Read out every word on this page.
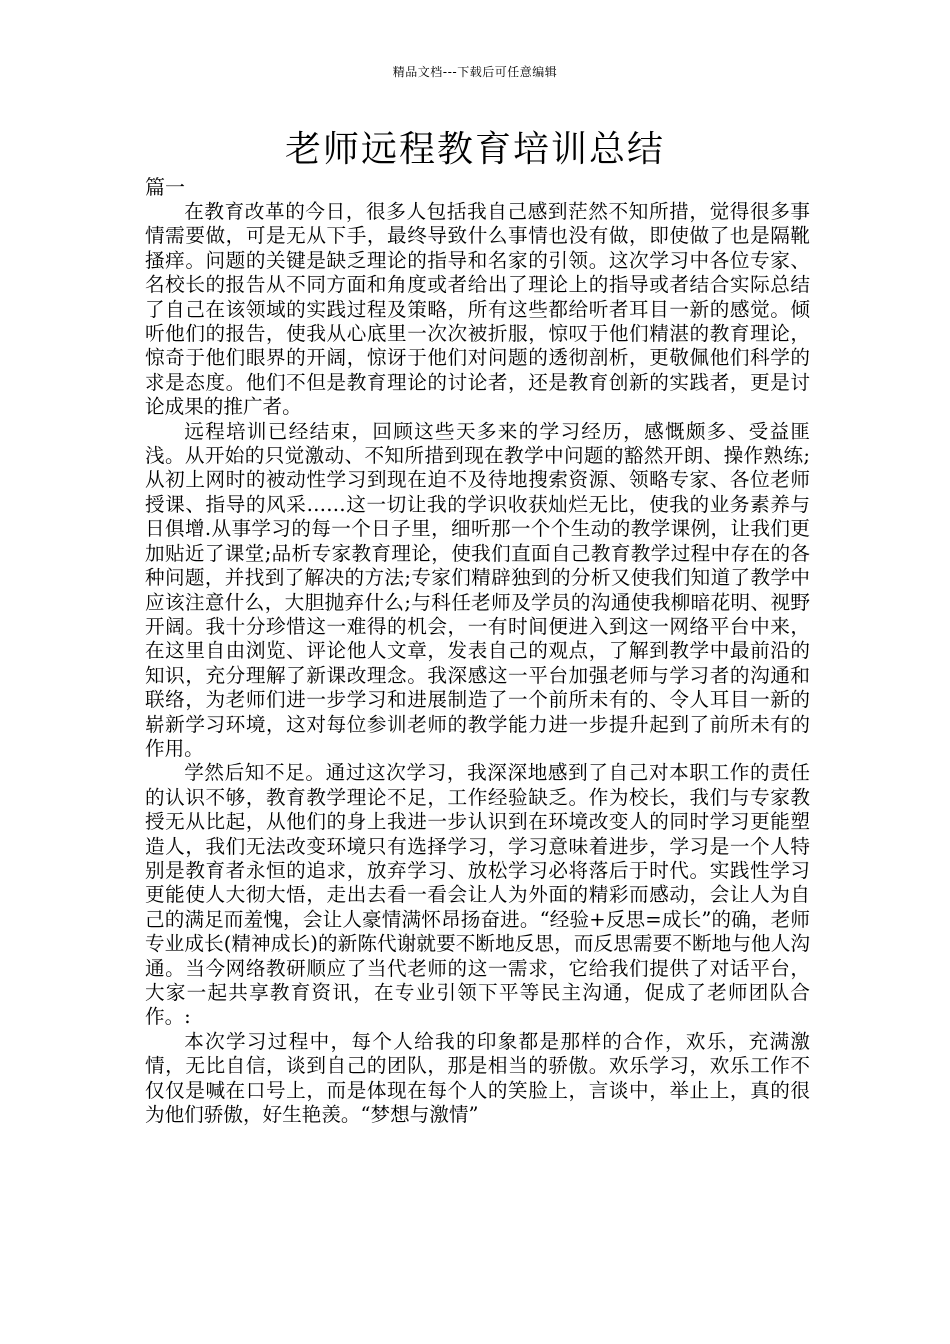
精品文档---下载后可任意编辑
老师远程教育培训总结

篇一

在教育改革的今日，很多人包括我自己感到茫然不知所措，觉得很多事情需要做，可是无从下手，最终导致什么事情也没有做，即使做了也是隔靴搔痒。问题的关键是缺乏理论的指导和名家的引领。这次学习中各位专家、名校长的报告从不同方面和角度或者给出了理论上的指导或者结合实际总结了自己在该领域的实践过程及策略，所有这些都给听者耳目一新的感觉。倾听他们的报告，使我从心底里一次次被折服，惊叹于他们精湛的教育理论，惊奇于他们眼界的开阔，惊讶于他们对问题的透彻剖析，更敬佩他们科学的求是态度。他们不但是教育理论的讨论者，还是教育创新的实践者，更是讨论成果的推广者。

远程培训已经结束，回顾这些天多来的学习经历，感慨颇多、受益匪浅。从开始的只觉激动、不知所措到现在教学中问题的豁然开朗、操作熟练;从初上网时的被动性学习到现在迫不及待地搜索资源、领略专家、各位老师授课、指导的风采……这一切让我的学识收获灿烂无比，使我的业务素养与日俱增.从事学习的每一个日子里，细听那一个个生动的教学课例，让我们更加贴近了课堂;品析专家教育理论，使我们直面自己教育教学过程中存在的各种问题，并找到了解决的方法;专家们精辟独到的分析又使我们知道了教学中应该注意什么，大胆抛弃什么;与科任老师及学员的沟通使我柳暗花明、视野开阔。我十分珍惜这一难得的机会，一有时间便进入到这一网络平台中来，在这里自由浏览、评论他人文章，发表自己的观点，了解到教学中最前沿的知识，充分理解了新课改理念。我深感这一平台加强老师与学习者的沟通和联络，为老师们进一步学习和进展制造了一个前所未有的、令人耳目一新的崭新学习环境，这对每位参训老师的教学能力进一步提升起到了前所未有的作用。

学然后知不足。通过这次学习，我深深地感到了自己对本职工作的责任的认识不够，教育教学理论不足，工作经验缺乏。作为校长，我们与专家教授无从比起，从他们的身上我进一步认识到在环境改变人的同时学习更能塑造人，我们无法改变环境只有选择学习，学习意味着进步，学习是一个人特别是教育者永恒的追求，放弃学习、放松学习必将落后于时代。实践性学习更能使人大彻大悟，走出去看一看会让人为外面的精彩而感动，会让人为自己的满足而羞愧，会让人豪情满怀昂扬奋进。“经验+反思=成长”的确，老师专业成长(精神成长)的新陈代谢就要不断地反思，而反思需要不断地与他人沟通。当今网络教研顺应了当代老师的这一需求，它给我们提供了对话平台，大家一起共享教育资讯，在专业引领下平等民主沟通，促成了老师团队合作。:

本次学习过程中，每个人给我的印象都是那样的合作，欢乐，充满激情，无比自信，谈到自己的团队，那是相当的骄傲。欢乐学习，欢乐工作不仅仅是喊在口号上，而是体现在每个人的笑脸上，言谈中，举止上，真的很为他们骄傲，好生艳羡。“梦想与激情”
